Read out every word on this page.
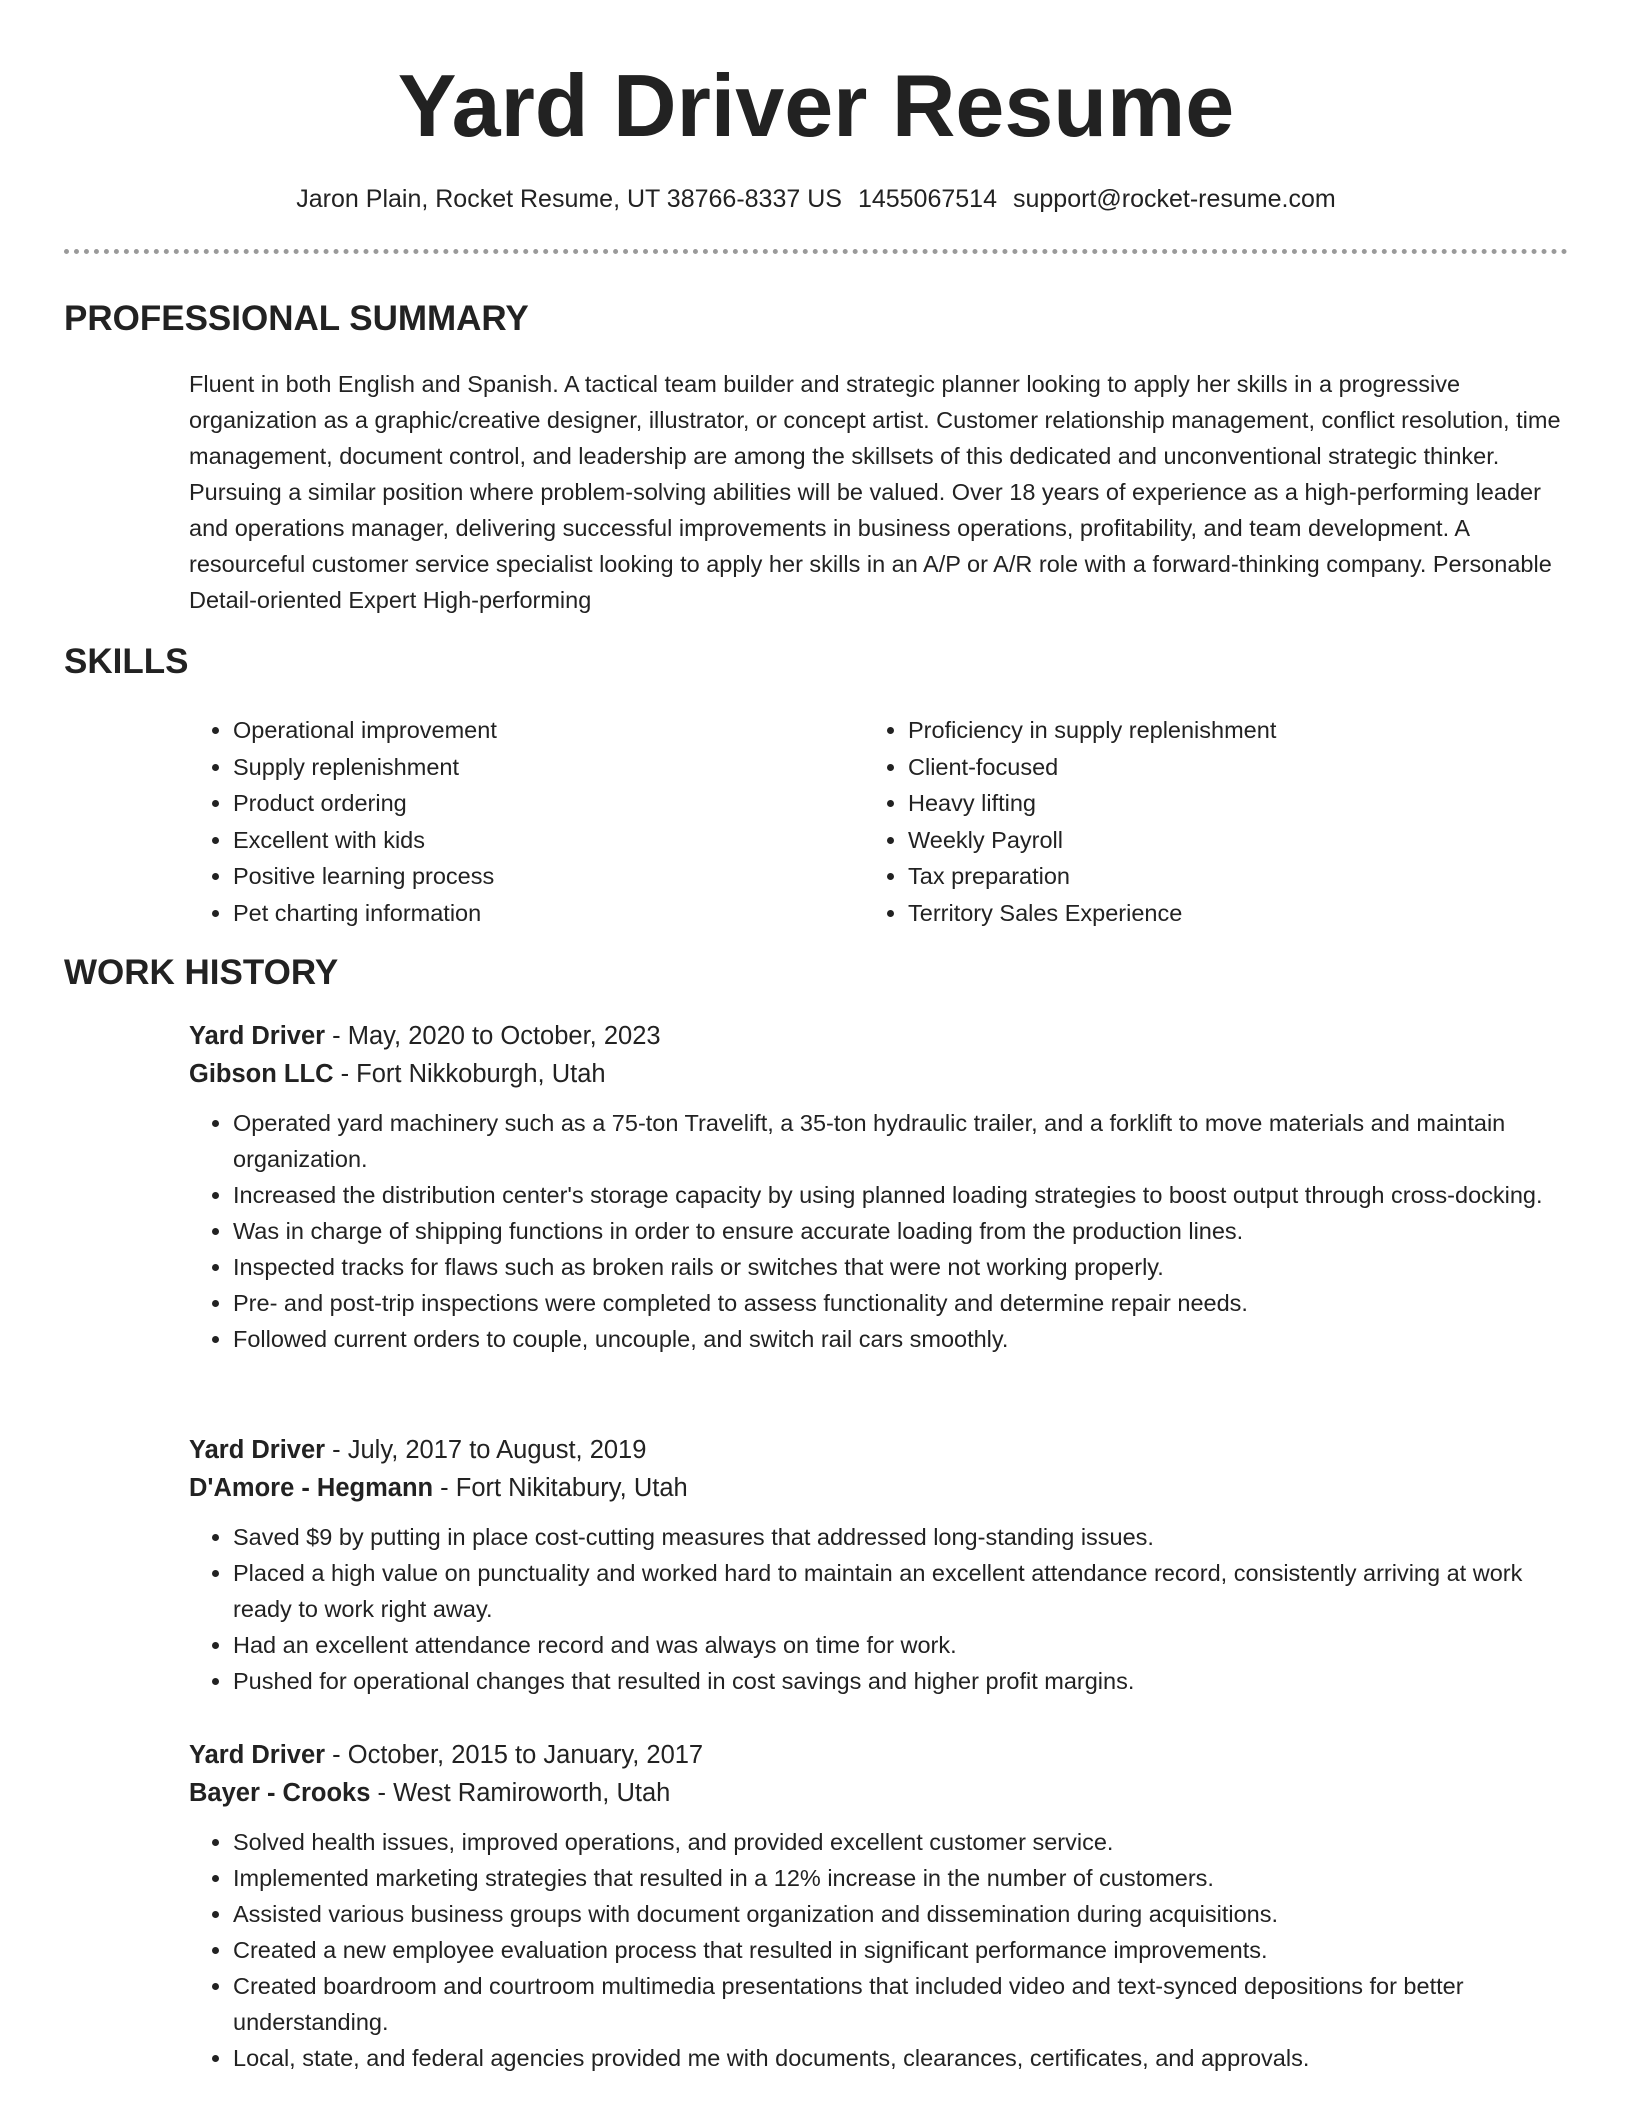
Yard Driver Resume
Jaron Plain, Rocket Resume, UT 38766-8337 US 1455067514 support@rocket-resume.com
PROFESSIONAL SUMMARY

Fluent in both English and Spanish. A tactical team builder and strategic planner looking to apply her skills in a progressive organization as a graphic/creative designer, illustrator, or concept artist. Customer relationship management, conflict resolution, time management, document control, and leadership are among the skillsets of this dedicated and unconventional strategic thinker. Pursuing a similar position where problem-solving abilities will be valued. Over 18 years of experience as a high-performing leader and operations manager, delivering successful improvements in business operations, profitability, and team development. A resourceful customer service specialist looking to apply her skills in an A/P or A/R role with a forward-thinking company. Personable Detail-oriented Expert High-performing

SKILLS
• Operational improvement
• Supply replenishment
• Product ordering
• Excellent with kids
• Positive learning process
• Pet charting information
• Proficiency in supply replenishment
• Client-focused
• Heavy lifting
• Weekly Payroll
• Tax preparation
• Territory Sales Experience
WORK HISTORY
Yard Driver - May, 2020 to October, 2023
Gibson LLC - Fort Nikkoburgh, Utah
• Operated yard machinery such as a 75-ton Travelift, a 35-ton hydraulic trailer, and a forklift to move materials and maintain organization.
• Increased the distribution center's storage capacity by using planned loading strategies to boost output through cross-docking.
• Was in charge of shipping functions in order to ensure accurate loading from the production lines.
• Inspected tracks for flaws such as broken rails or switches that were not working properly.
• Pre- and post-trip inspections were completed to assess functionality and determine repair needs.
• Followed current orders to couple, uncouple, and switch rail cars smoothly.
Yard Driver - July, 2017 to August, 2019
D'Amore - Hegmann - Fort Nikitabury, Utah
• Saved $9 by putting in place cost-cutting measures that addressed long-standing issues.
• Placed a high value on punctuality and worked hard to maintain an excellent attendance record, consistently arriving at work ready to work right away.
• Had an excellent attendance record and was always on time for work.
• Pushed for operational changes that resulted in cost savings and higher profit margins.
Yard Driver - October, 2015 to January, 2017
Bayer - Crooks - West Ramiroworth, Utah
• Solved health issues, improved operations, and provided excellent customer service.
• Implemented marketing strategies that resulted in a 12% increase in the number of customers.
• Assisted various business groups with document organization and dissemination during acquisitions.
• Created a new employee evaluation process that resulted in significant performance improvements.
• Created boardroom and courtroom multimedia presentations that included video and text-synced depositions for better understanding.
• Local, state, and federal agencies provided me with documents, clearances, certificates, and approvals.
